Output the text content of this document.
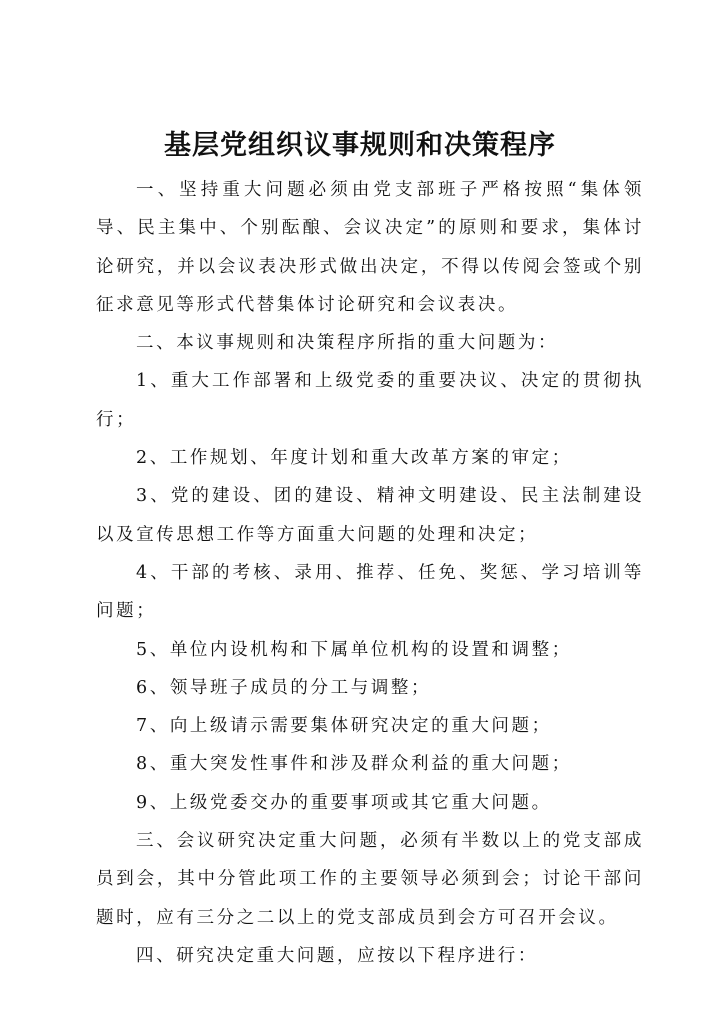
基层党组织议事规则和决策程序

一、坚持重大问题必须由党支部班子严格按照“集体领导、民主集中、个别酝酿、会议决定”的原则和要求，集体讨论研究，并以会议表决形式做出决定，不得以传阅会签或个别征求意见等形式代替集体讨论研究和会议表决。

二、本议事规则和决策程序所指的重大问题为：

1、重大工作部署和上级党委的重要决议、决定的贯彻执行；

2、工作规划、年度计划和重大改革方案的审定；

3、党的建设、团的建设、精神文明建设、民主法制建设以及宣传思想工作等方面重大问题的处理和决定；

4、干部的考核、录用、推荐、任免、奖惩、学习培训等问题；

5、单位内设机构和下属单位机构的设置和调整；

6、领导班子成员的分工与调整；

7、向上级请示需要集体研究决定的重大问题；

8、重大突发性事件和涉及群众利益的重大问题；

9、上级党委交办的重要事项或其它重大问题。

三、会议研究决定重大问题，必须有半数以上的党支部成员到会，其中分管此项工作的主要领导必须到会；讨论干部问题时，应有三分之二以上的党支部成员到会方可召开会议。

四、研究决定重大问题，应按以下程序进行：
